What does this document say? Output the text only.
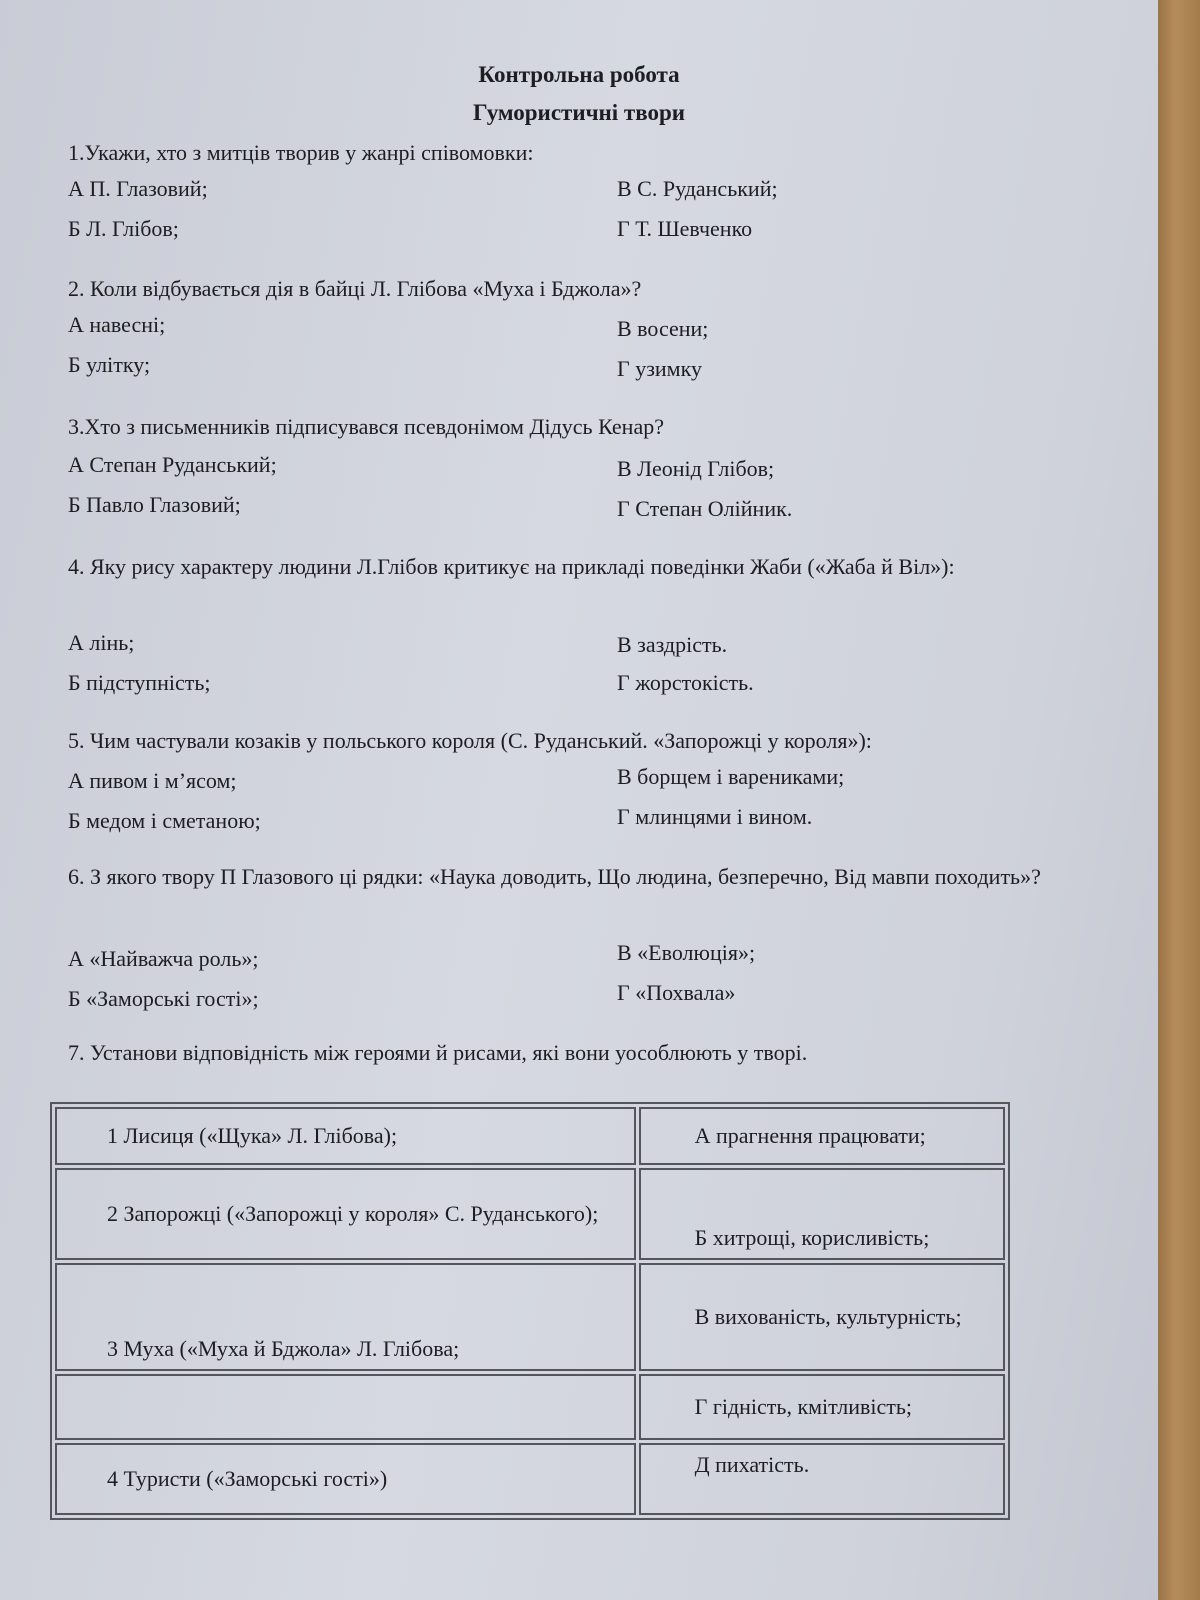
Контрольна робота
Гумористичні твори
1.Укажи, хто з митців творив у жанрі співомовки:
А П. Глазовий;	В С. Руданський;
Б Л. Глібов;	Г Т. Шевченко
2. Коли відбувається дія в байці Л. Глібова «Муха і Бджола»?
А навесні;	В восени;
Б улітку;	Г узимку
3.Хто з письменників підписувався псевдонімом Дідусь Кенар?
А Степан Руданський;	В Леонід Глібов;
Б Павло Глазовий;	Г Степан Олійник.
4. Яку рису характеру людини Л.Глібов критикує на прикладі поведінки Жаби («Жаба й Віл»):
А лінь;	В заздрість.
Б підступність;	Г жорстокість.
5. Чим частували козаків у польського короля (С. Руданський. «Запорожці у короля»):
А пивом і м’ясом;	В борщем і варениками;
Б медом і сметаною;	Г млинцями і вином.
6. З якого твору П Глазового ці рядки: «Наука доводить, Що людина, безперечно, Від мавпи походить»?
А «Найважча роль»;	В «Еволюція»;
Б «Заморські гості»;	Г «Похвала»
7. Установи відповідність між героями й рисами, які вони уособлюють у творі.
1 Лисиця («Щука» Л. Глібова);	А прагнення працювати;
2 Запорожці («Запорожці у короля» С. Руданського);	Б хитрощі, корисливість;
3 Муха («Муха й Бджола» Л. Глібова;	В вихованість, культурність;
	Г гідність, кмітливість;
4 Туристи («Заморські гості»)	Д пихатість.
